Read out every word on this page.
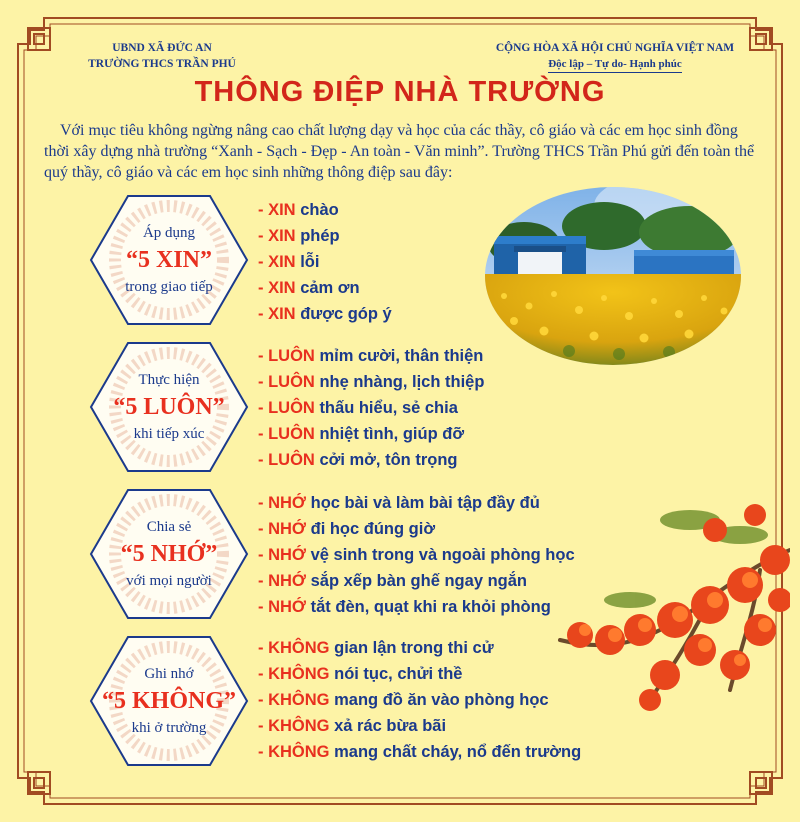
UBND XÃ ĐỨC AN
TRƯỜNG THCS TRẦN PHÚ
CỘNG HÒA XÃ HỘI CHỦ NGHĨA VIỆT NAM
Độc lập – Tự do- Hạnh phúc
THÔNG ĐIỆP NHÀ TRƯỜNG
Với mục tiêu không ngừng nâng cao chất lượng dạy và học của các thầy, cô giáo và các em học sinh đồng thời xây dựng nhà trường “Xanh - Sạch - Đẹp - An toàn - Văn minh”. Trường THCS Trần Phú gửi đến toàn thể quý thầy, cô giáo và các em học sinh những thông điệp sau đây:
Áp dụng
“5 XIN”
trong giao tiếp
- XIN chào
- XIN phép
- XIN lỗi
- XIN cảm ơn
- XIN được góp ý
Thực hiện
“5 LUÔN”
khi tiếp xúc
- LUÔN mỉm cười, thân thiện
- LUÔN nhẹ nhàng, lịch thiệp
- LUÔN thấu hiểu, sẻ chia
- LUÔN nhiệt tình, giúp đỡ
- LUÔN cởi mở, tôn trọng
Chia sẻ
“5 NHỚ”
với mọi người
- NHỚ học bài và làm bài tập đầy đủ
- NHỚ đi học đúng giờ
- NHỚ vệ sinh trong và ngoài phòng học
- NHỚ sắp xếp bàn ghế ngay ngắn
- NHỚ tắt đèn, quạt khi ra khỏi phòng
Ghi nhớ
“5 KHÔNG”
khi ở trường
- KHÔNG gian lận trong thi cử
- KHÔNG nói tục, chửi thề
- KHÔNG mang đồ ăn vào phòng học
- KHÔNG xả rác bừa bãi
- KHÔNG mang chất cháy, nổ đến trường
